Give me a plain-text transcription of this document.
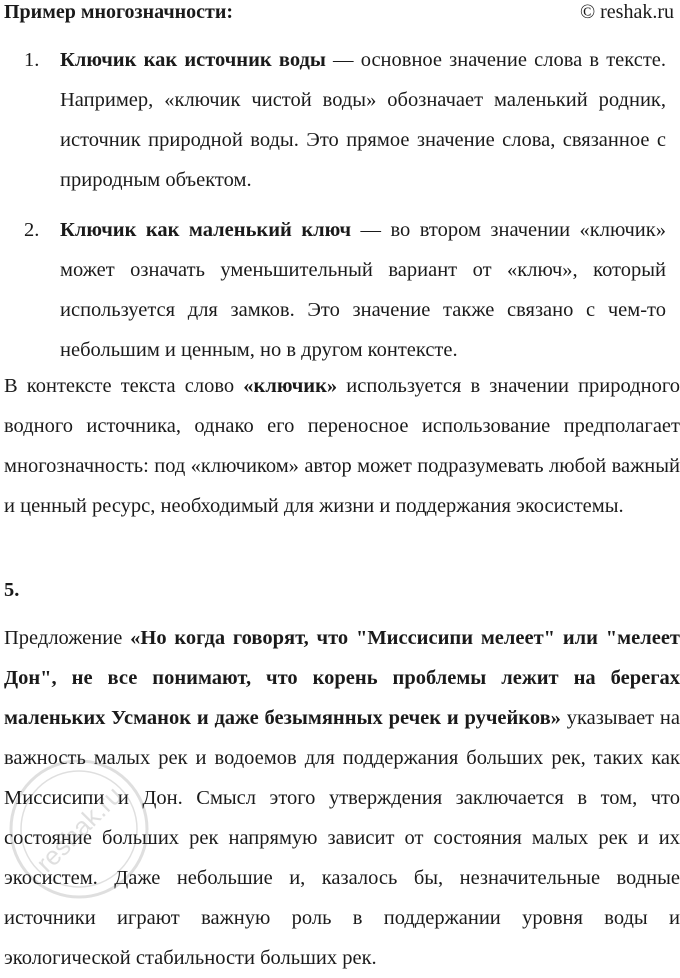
Пример многозначности:	© reshak.ru
1. Ключик как источник воды — основное значение слова в тексте. Например, «ключик чистой воды» обозначает маленький родник, источник природной воды. Это прямое значение слова, связанное с природным объектом.
2. Ключик как маленький ключ — во втором значении «ключик» может означать уменьшительный вариант от «ключ», который используется для замков. Это значение также связано с чем-то небольшим и ценным, но в другом контексте.

В контексте текста слово «ключик» используется в значении природного водного источника, однако его переносное использование предполагает многозначность: под «ключиком» автор может подразумевать любой важный и ценный ресурс, необходимый для жизни и поддержания экосистемы.

5.

Предложение «Но когда говорят, что "Миссисипи мелеет" или "мелеет Дон", не все понимают, что корень проблемы лежит на берегах маленьких Усманок и даже безымянных речек и ручейков» указывает на важность малых рек и водоемов для поддержания больших рек, таких как Миссисипи и Дон. Смысл этого утверждения заключается в том, что состояние больших рек напрямую зависит от состояния малых рек и их экосистем. Даже небольшие и, казалось бы, незначительные водные источники играют важную роль в поддержании уровня воды и экологической стабильности больших рек.

reshak.ru
